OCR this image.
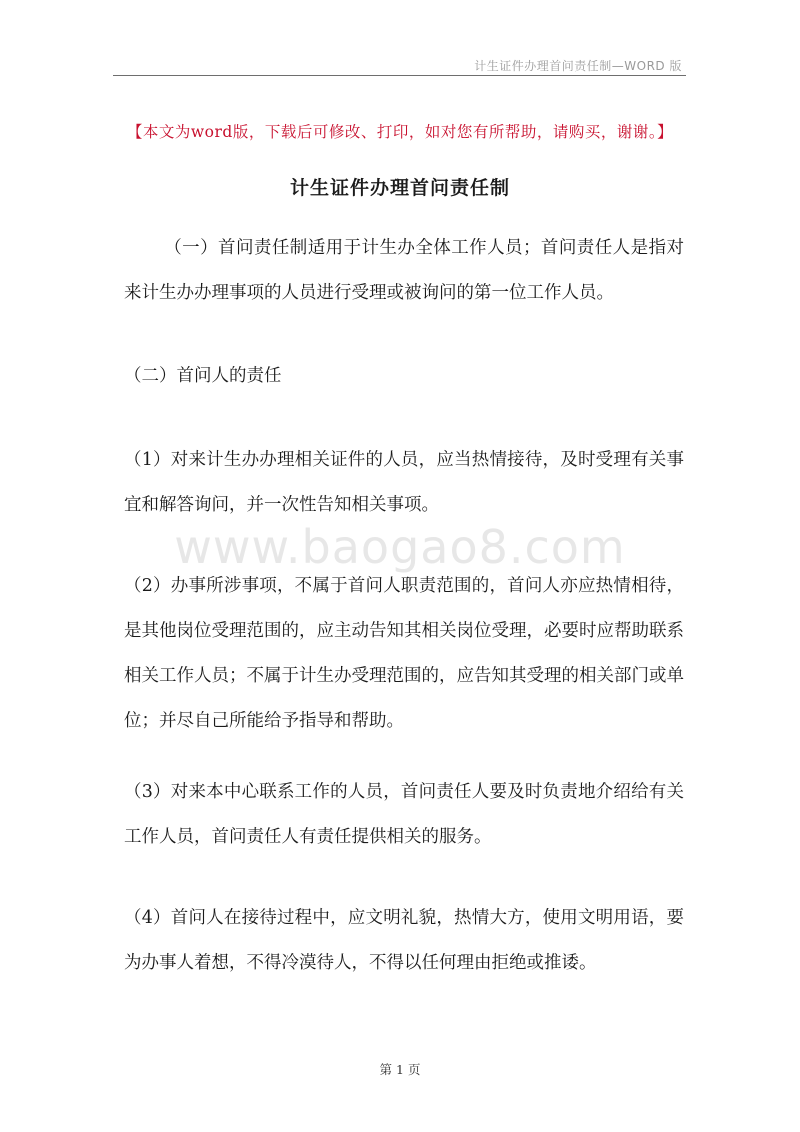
计生证件办理首问责任制—WORD 版
【本文为word版，下载后可修改、打印，如对您有所帮助，请购买，谢谢。】
计生证件办理首问责任制

（一）首问责任制适用于计生办全体工作人员；首问责任人是指对来计生办办理事项的人员进行受理或被询问的第一位工作人员。

（二）首问人的责任

（1）对来计生办办理相关证件的人员，应当热情接待，及时受理有关事宜和解答询问，并一次性告知相关事项。

www.baogao8.com

（2）办事所涉事项，不属于首问人职责范围的，首问人亦应热情相待，是其他岗位受理范围的，应主动告知其相关岗位受理，必要时应帮助联系相关工作人员；不属于计生办受理范围的，应告知其受理的相关部门或单位；并尽自己所能给予指导和帮助。

（3）对来本中心联系工作的人员，首问责任人要及时负责地介绍给有关工作人员，首问责任人有责任提供相关的服务。

（4）首问人在接待过程中，应文明礼貌，热情大方，使用文明用语，要为办事人着想，不得冷漠待人，不得以任何理由拒绝或推诿。

第 1 页
